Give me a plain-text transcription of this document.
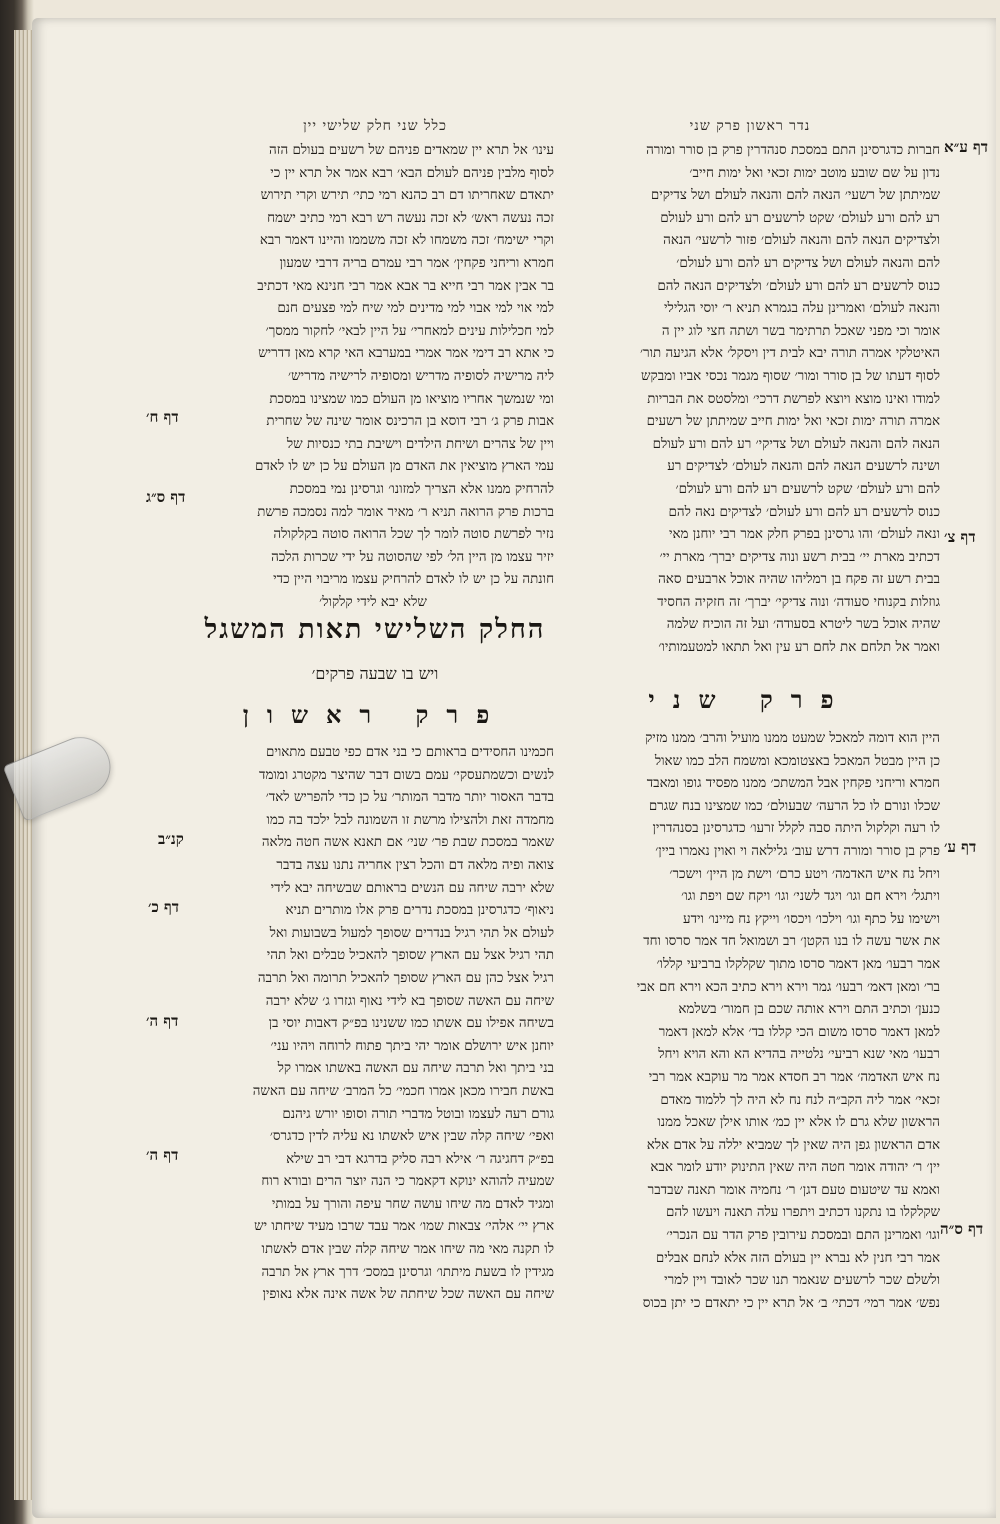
נדר ראשון פרק שני
כלל שני חלק שלישי יין
חברות כדגרסינן התם במסכת סנהדרין פרק בן סורר ומורה
נדון על שם שובע מוטב ימות זכאי ואל ימות חייב׳
שמיתתן של רשעי׳ הנאה להם והנאה לעולם ושל צדיקים
רע להם ורע לעולם׳ שקט לרשעים רע להם ורע לעולם
ולצדיקים הנאה להם והנאה לעולם׳ פזור לרשעי׳ הנאה
להם והנאה לעולם ושל צדיקים רע להם ורע לעולם׳
כנוס לרשעים רע להם ורע לעולם׳ ולצדיקים הנאה להם
והנאה לעולם׳ ואמרינן עלה בגמרא תניא ר׳ יוסי הגלילי
אומר וכי מפני שאכל תרתימר בשר ושתה חצי לוג יין ה
האיטלקי אמרה תורה יבא לבית דין ויסקל׳ אלא הגיעה תור׳
לסוף דעתו של בן סורר ומור׳ שסוף מגמר נכסי אביו ומבקש
למודו ואינו מוצא ויוצא לפרשת דרכי׳ ומלסטס את הבריות
אמרה תורה ימות זכאי ואל ימות חייב שמיתתן של רשעים
הנאה להם והנאה לעולם ושל צדיקי׳ רע להם ורע לעולם
ושינה לרשעים הנאה להם והנאה לעולם׳ לצדיקים רע
להם ורע לעולם׳ שקט לרשעים רע להם ורע לעולם׳
כנוס לרשעים רע להם ורע לעולם׳ לצדיקים נאה להם
ונאה לעולם׳ והו גרסינן בפרק חלק אמר רבי יוחנן מאי
דכתיב מארת יי׳ בבית רשע ונוה צדיקים יברך׳ מארת יי׳
בבית רשע זה פקח בן רמליהו שהיה אוכל ארבעים סאה
גוזלות בקנוחי סעודה׳ ונוה צדיקי׳ יברך׳ זה חזקיה החסיד
שהיה אוכל בשר ליטרא בסעודה׳ ועל זה הוכיח שלמה
ואמר אל תלחם את לחם רע עין ואל תתאו למטעמותיו׳
פרק שני
היין הוא דומה למאכל שמעט ממנו מועיל והרב׳ ממנו מזיק
כן היין מבטל המאכל באצטומכא ומשמח הלב כמו שאול
חמרא וריחני פקחין אבל המשתכ׳ ממנו מפסיד גופו ומאבד
שכלו ונורם לו כל הרעה׳ שבעולם׳ כמו שמצינו בנח שגרם
לו רעה וקלקול היתה סבה לקלל זרעו׳ כדגרסינן בסנהדרין
פרק בן סורר ומורה דרש עוב׳ גלילאה וי ואוין נאמרו ביין׳
ויחל נח איש האדמה׳ ויטע כרם׳ וישת מן היין׳ וישכר׳
ויתגל׳ וירא חם וגו׳ ויגד לשני׳ וגו׳ ויקח שם ויפת וגו׳
וישימו על כתף וגו׳ וילכו׳ ויכסו׳ וייקץ נח מיינו׳ וידע
את אשר עשה לו בנו הקטן׳ רב ושמואל חד אמר סרסו וחד
אמר רבעו׳ מאן דאמר סרסו מתוך שקלקלו ברביעי קללו׳
בר׳ ומאן דאמ׳ רבעו׳ גמר וירא וירא כתיב הכא וירא חם אבי
כנען׳ וכתיב התם וירא אותה שכם בן חמור׳ בשלמא
למאן דאמר סרסו משום הכי קללו בד׳ אלא למאן דאמר
רבעו׳ מאי שנא רביעי׳ נלטייה בהדיא הא והא הויא ויחל
נח איש האדמה׳ אמר רב חסדא אמר מר עוקבא אמר רבי
זכאי׳ אמר ליה הקב״ה לנח נח לא היה לך ללמוד מאדם
הראשון שלא גרם לו אלא יין כמ׳ אותו אילן שאכל ממנו
אדם הראשון גפן היה שאין לך שמביא יללה על אדם אלא
יין׳ ר׳ יהודה אומר חטה היה שאין התינוק יודע לומר אבא
ואמא עד שיטעום טעם דגן׳ ר׳ נחמיה אומר תאנה שבדבר
שקלקלו בו נתקנו דכתיב ויתפרו עלה תאנה ויעשו להם
וגו׳ ואמרינן התם ובמסכת עירובין פרק הדר עם הנכרי׳
אמר רבי חנין לא נברא יין בעולם הזה אלא לנחם אבלים
ולשלם שכר לרשעים שנאמר תנו שכר לאובד ויין למרי
נפש׳ אמר רמי׳ דכתי׳ ב׳ אל תרא יין כי יתאדם כי יתן בכוס
עינו׳ אל תרא יין שמאדים פניהם של רשעים בעולם הזה
לסוף מלבין פניהם לעולם הבא׳ רבא אמר אל תרא יין כי
יתאדם שאחריתו דם רב כהנא רמי כתי׳ תירש וקרי תירוש
זכה נעשה ראש׳ לא זכה נעשה רש רבא רמי כתיב ישמח
וקרי ישימח׳ זכה משמחו לא זכה משממו והיינו דאמר רבא
חמרא וריחני פקחין׳ אמר רבי עמרם בריה דרבי שמעון
בר אבין אמר רבי חייא בר אבא אמר רבי חנינא מאי דכתיב
למי אוי למי אבוי למי מדינים למי שיח למי פצעים חנם
למי חכלילות עינים למאחרי׳ על היין לבאי׳ לחקור ממסך׳
כי אתא רב דימי אמר אמרי במערבא האי קרא מאן דדריש
ליה מרישיה לסופיה מדריש ומסופיה לרישיה מדריש׳
ומי שנמשך אחריו מוציאו מן העולם כמו שמצינו במסכת
אבות פרק ג׳ רבי דוסא בן הרכינס אומר שינה של שחרית
ויין של צהרים ושיחת הילדים וישיבת בתי כנסיות של
עמי הארץ מוציאין את האדם מן העולם על כן יש לו לאדם
להרחיק ממנו אלא הצריך למזונו׳ וגרסינן נמי במסכת
ברכות פרק הרואה תניא ר׳ מאיר אומר למה נסמכה פרשת
נזיר לפרשת סוטה לומר לך שכל הרואה סוטה בקלקולה
יזיר עצמו מן היין הל׳ לפי שהסוטה על ידי שכרות הלכה
חונתה על כן יש לו לאדם להרחיק עצמו מריבוי היין כדי
שלא יבא לידי קלקול׳
החלק השלישי תאות המשגל
ויש בו שבעה פרקים׳
פרק ראשון
חכמינו החסידים בראותם כי בני אדם כפי טבעם מתאוים
לנשים וכשמתעסקי׳ עמם בשום דבר שהיצר מקטרג ומומד
בדבר האסור יותר מדבר המותר׳ על כן כדי להפריש לאד׳
מחמדה זאת ולהצילו מרשת זו השמונה לבל ילכד בה כמו
שאמר במסכת שבת פר׳ שני׳ אם תאנא אשה חטה מלאה
צואה ופיה מלאה דם והכל רצין אחריה נתנו עצה בדבר
שלא ירבה שיחה עם הנשים בראותם שבשיחה יבא לידי
ניאוף׳ כדגרסינן במסכת נדרים פרק אלו מותרים תניא
לעולם אל תהי רגיל בנדרים שסופך למעול בשבועות ואל
תהי רגיל אצל עם הארץ שסופך להאכיל טבלים ואל תהי
רגיל אצל כהן עם הארץ שסופך להאכיל תרומה ואל תרבה
שיחה עם האשה שסופך בא לידי נאוף וגזרו ג׳ שלא ירבה
בשיחה אפילו עם אשתו כמו ששנינו בפ״ק דאבות יוסי בן
יוחנן איש ירושלם אומר יהי ביתך פתוח לרוחה ויהיו עני׳
בני ביתך ואל תרבה שיחה עם האשה באשתו אמרו קל
באשת חבירו מכאן אמרו חכמי׳ כל המרב׳ שיחה עם האשה
גורם רעה לעצמו ובוטל מדברי תורה וסופו יורש גיהנם
ואפי׳ שיחה קלה שבין איש לאשתו נא עליה לדין כדגרס׳
בפ״ק דחגיגה ר׳ אילא רבה סליק בדרגא דבי רב שילא
שמעיה להוהא ינוקא דקאמר כי הנה יוצר הרים ובורא רוח
ומגיד לאדם מה שיחו עושה שחר עיפה והורך על במותי
ארץ יי׳ אלהי׳ צבאות שמו׳ אמר עבד שרבו מעיד שיחתו יש
לו תקנה מאי מה שיחו אמר שיחה קלה שבין אדם לאשתו
מגידין לו בשעת מיתתו׳ וגרסינן במסכ׳ דרך ארץ אל תרבה
שיחה עם האשה שכל שיחתה של אשה אינה אלא נאופין
דף ע״א
דף ח׳
דף ס״ג
דף צ׳
דף ע׳
קנ״ב
דף כ׳
דף ה׳
דף ה׳
דף ס״ה
